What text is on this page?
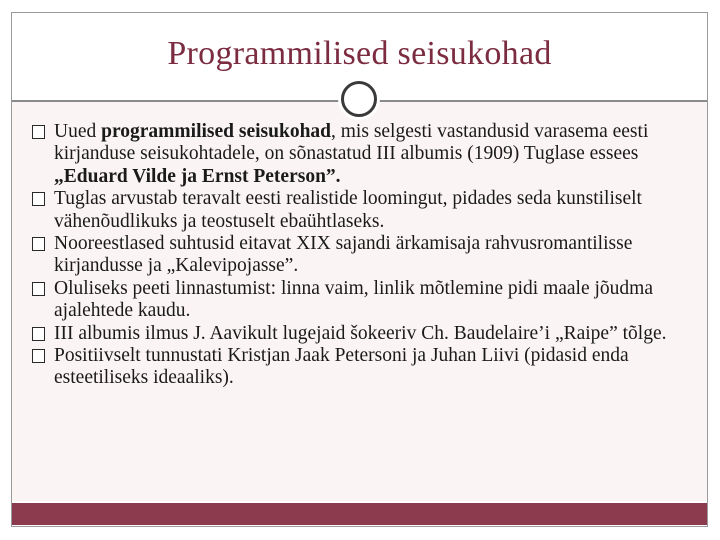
Programmilised seisukohad
Uued programmilised seisukohad, mis selgesti vastandusid varasema eesti kirjanduse seisukohtadele, on sõnastatud III albumis (1909) Tuglase essees „Eduard Vilde ja Ernst Peterson”.
Tuglas arvustab teravalt eesti realistide loomingut, pidades seda kunstiliselt vähenõudlikuks ja teostuselt ebaühtlaseks.
Nooreestlased suhtusid eitavat XIX sajandi ärkamisaja rahvusromantilisse kirjandusse ja „Kalevipojasse”.
Oluliseks peeti linnastumist: linna vaim, linlik mõtlemine pidi maale jõudma ajalehtede kaudu.
III albumis ilmus J. Aavikult lugejaid šokeeriv Ch. Baudelaire’i „Raipe” tõlge.
Positiivselt tunnustati Kristjan Jaak Petersoni ja Juhan Liivi (pidasid enda esteetiliseks ideaaliks).
